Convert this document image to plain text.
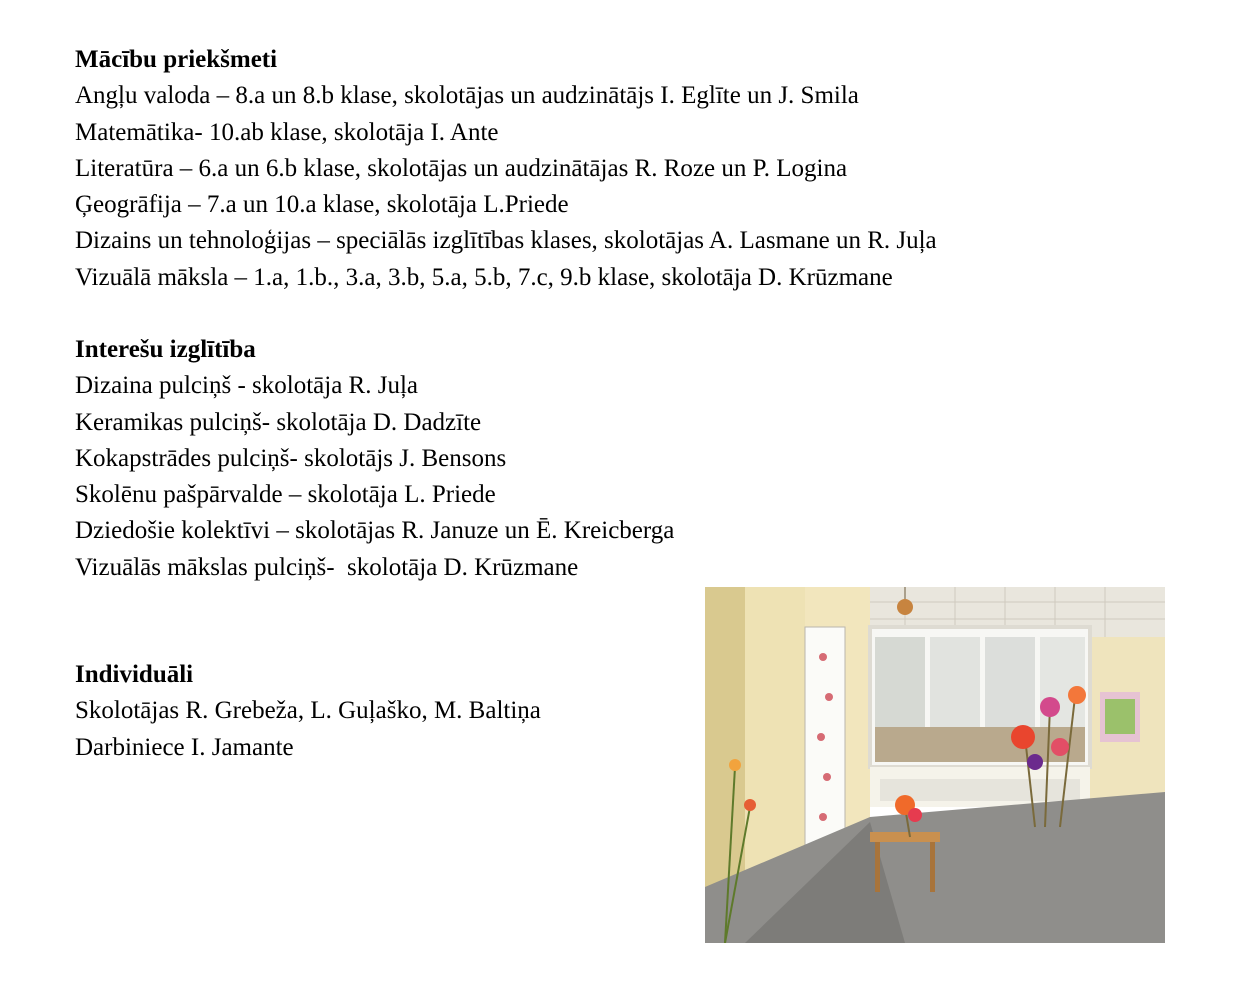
Mācību priekšmeti
Angļu valoda – 8.a un 8.b klase, skolotājas un audzinātājs I. Eglīte un J. Smila
Matemātika- 10.ab klase, skolotāja I. Ante
Literatūra – 6.a un 6.b klase, skolotājas un audzinātājas R. Roze un P. Logina
Ģeogrāfija – 7.a un 10.a klase, skolotāja L.Priede
Dizains un tehnoloģijas – speciālās izglītības klases, skolotājas A. Lasmane un R. Juļa
Vizuālā māksla – 1.a, 1.b., 3.a, 3.b, 5.a, 5.b, 7.c, 9.b klase, skolotāja D. Krūzmane
Interešu izglītība
Dizaina pulciņš - skolotāja R. Juļa
Keramikas pulciņš- skolotāja D. Dadzīte
Kokapstrādes pulciņš- skolotājs J. Bensons
Skolēnu pašpārvalde – skolotāja L. Priede
Dziedošie kolektīvi – skolotājas R. Januze un Ē. Kreicberga
Vizuālās mākslas pulciņš-  skolotāja D. Krūzmane
Individuāli
Skolotājas R. Grebeža, L. Guļaško, M. Baltiņa
Darbiniece I. Jamante
